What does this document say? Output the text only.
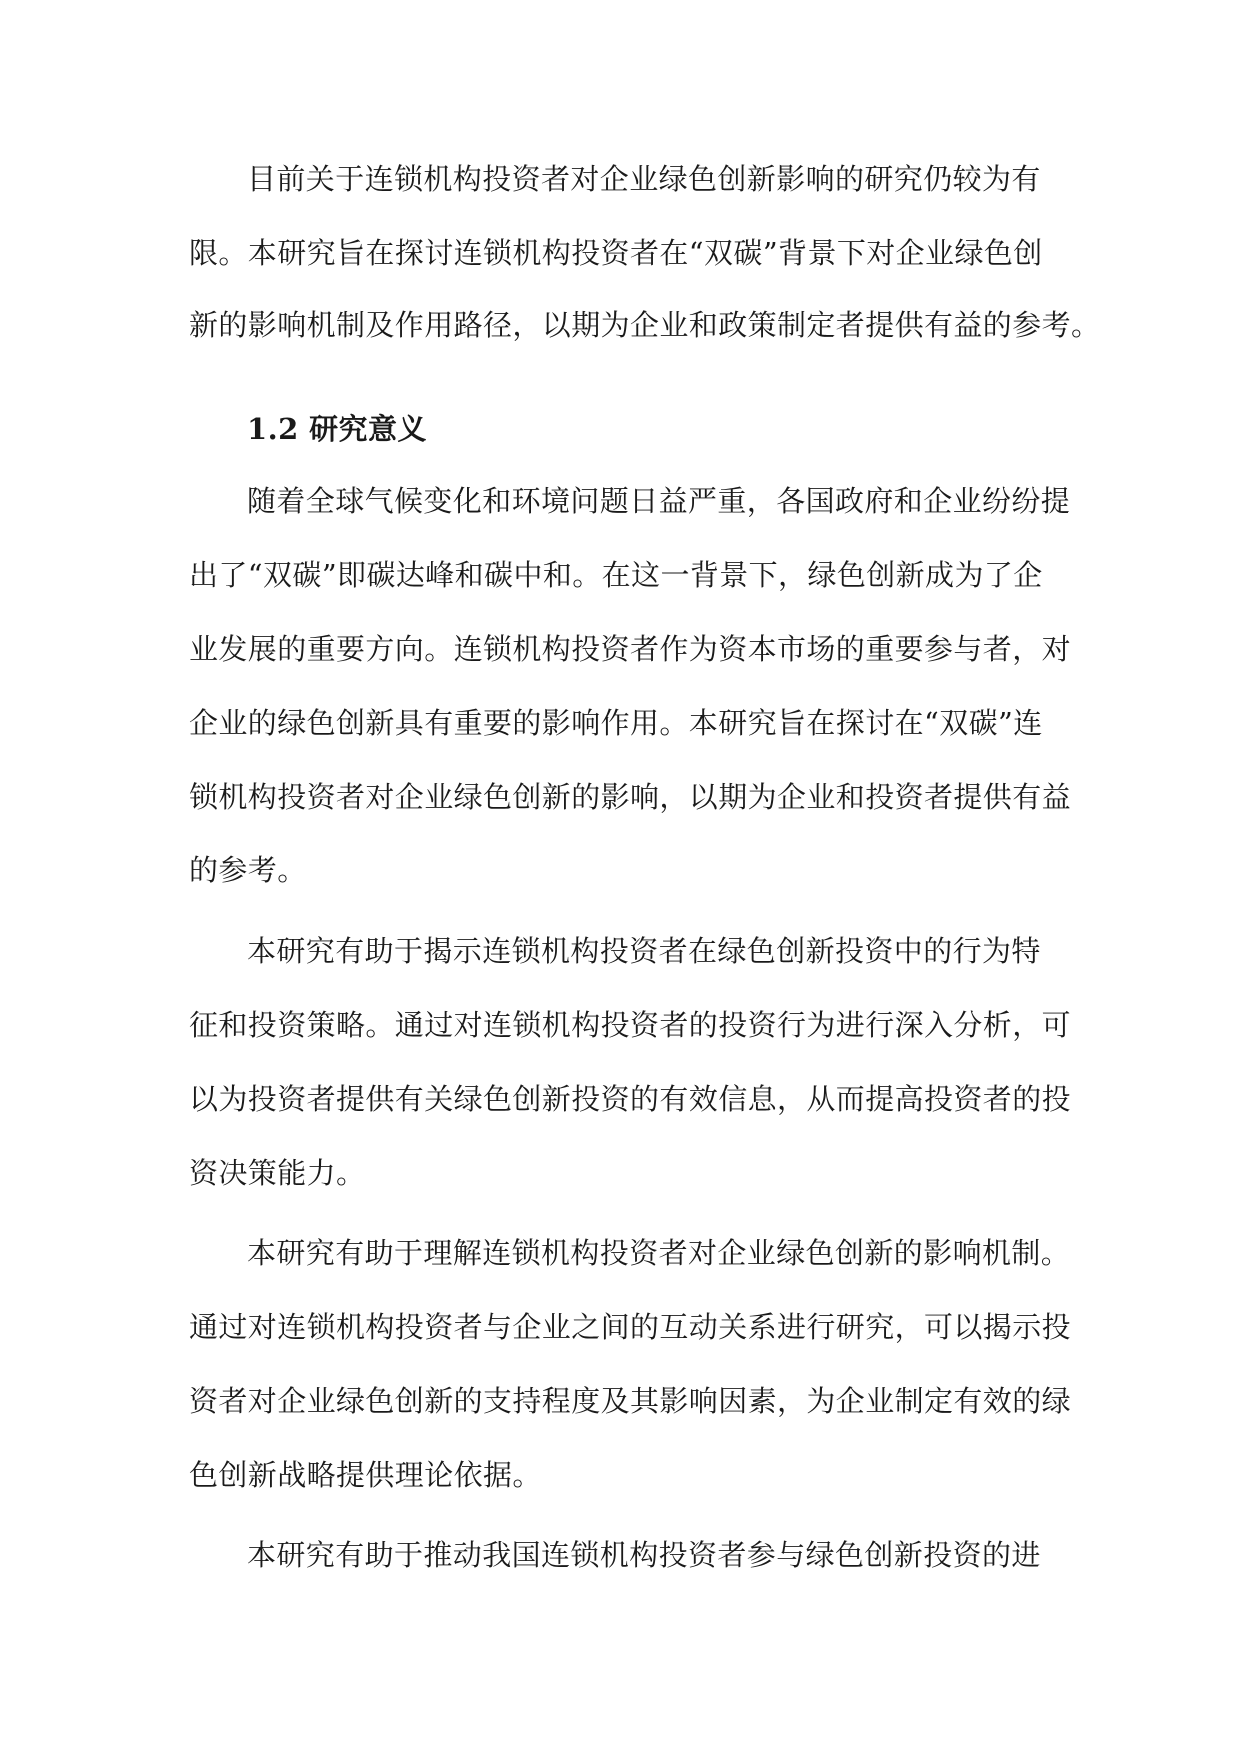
目前关于连锁机构投资者对企业绿色创新影响的研究仍较为有
限。本研究旨在探讨连锁机构投资者在“双碳”背景下对企业绿色创
新的影响机制及作用路径，以期为企业和政策制定者提供有益的参考。
1.2 研究意义
随着全球气候变化和环境问题日益严重，各国政府和企业纷纷提
出了“双碳”即碳达峰和碳中和。在这一背景下，绿色创新成为了企
业发展的重要方向。连锁机构投资者作为资本市场的重要参与者，对
企业的绿色创新具有重要的影响作用。本研究旨在探讨在“双碳”连
锁机构投资者对企业绿色创新的影响，以期为企业和投资者提供有益
的参考。
本研究有助于揭示连锁机构投资者在绿色创新投资中的行为特
征和投资策略。通过对连锁机构投资者的投资行为进行深入分析，可
以为投资者提供有关绿色创新投资的有效信息，从而提高投资者的投
资决策能力。
本研究有助于理解连锁机构投资者对企业绿色创新的影响机制。
通过对连锁机构投资者与企业之间的互动关系进行研究，可以揭示投
资者对企业绿色创新的支持程度及其影响因素，为企业制定有效的绿
色创新战略提供理论依据。
本研究有助于推动我国连锁机构投资者参与绿色创新投资的进
